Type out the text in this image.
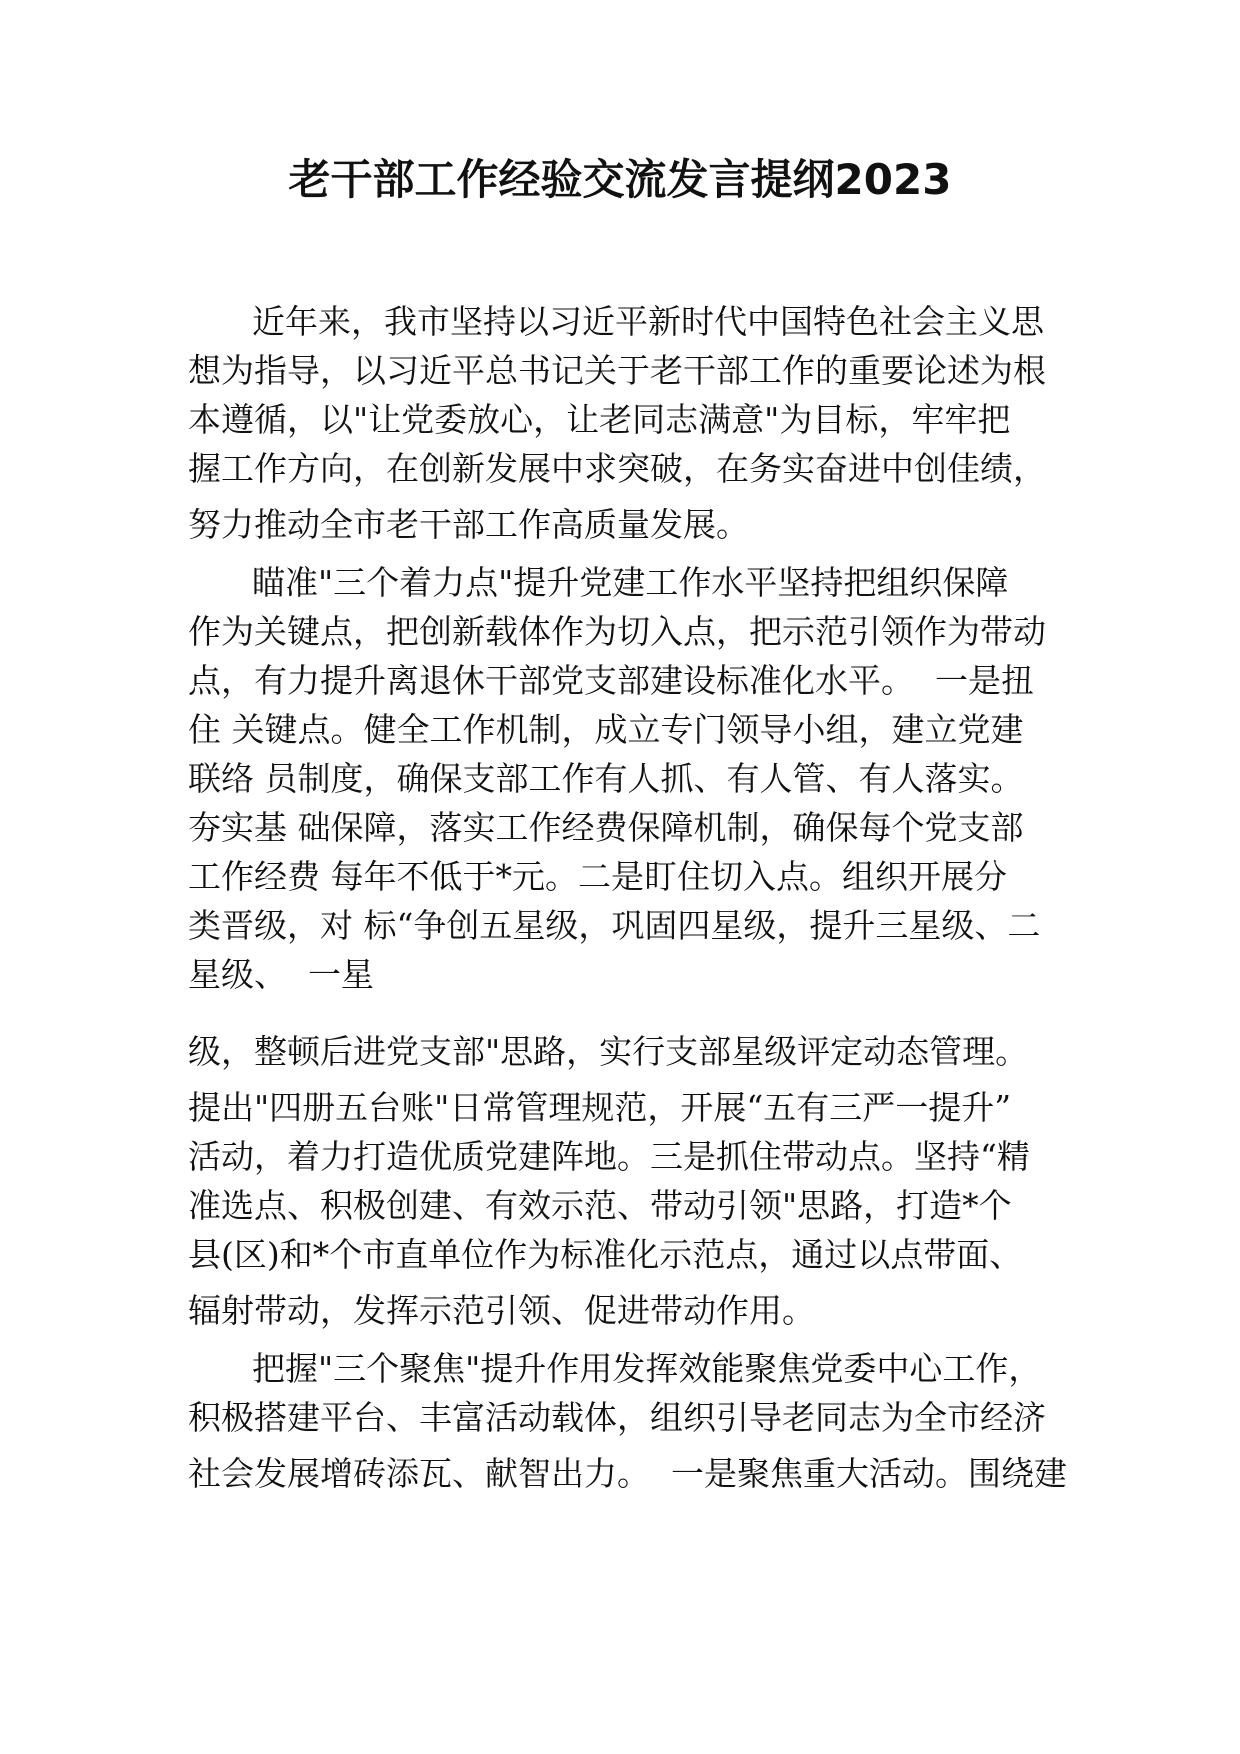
老干部工作经验交流发言提纲2023

近年来，我市坚持以习近平新时代中国特色社会主义思

想为指导，以习近平总书记关于老干部工作的重要论述为根

本遵循，以"让党委放心，让老同志满意"为目标，牢牢把

握工作方向，在创新发展中求突破，在务实奋进中创佳绩，

努力推动全市老干部工作高质量发展。

瞄准"三个着力点"提升党建工作水平坚持把组织保障

作为关键点，把创新载体作为切入点，把示范引领作为带动

点，有力提升离退休干部党支部建设标准化水平。  一是扭

住 关键点。健全工作机制，成立专门领导小组，建立党建

联络 员制度，确保支部工作有人抓、有人管、有人落实。

夯实基 础保障，落实工作经费保障机制，确保每个党支部

工作经费 每年不低于*元。二是盯住切入点。组织开展分

类晋级，对 标“争创五星级，巩固四星级，提升三星级、二

星级、  一星

级，整顿后进党支部"思路，实行支部星级评定动态管理。

提出"四册五台账"日常管理规范，开展“五有三严一提升”

活动，着力打造优质党建阵地。三是抓住带动点。坚持“精

准选点、积极创建、有效示范、带动引领"思路，打造*个

县(区)和*个市直单位作为标准化示范点，通过以点带面、

辐射带动，发挥示范引领、促进带动作用。

把握"三个聚焦"提升作用发挥效能聚焦党委中心工作，

积极搭建平台、丰富活动载体，组织引导老同志为全市经济

社会发展增砖添瓦、献智出力。  一是聚焦重大活动。围绕建
